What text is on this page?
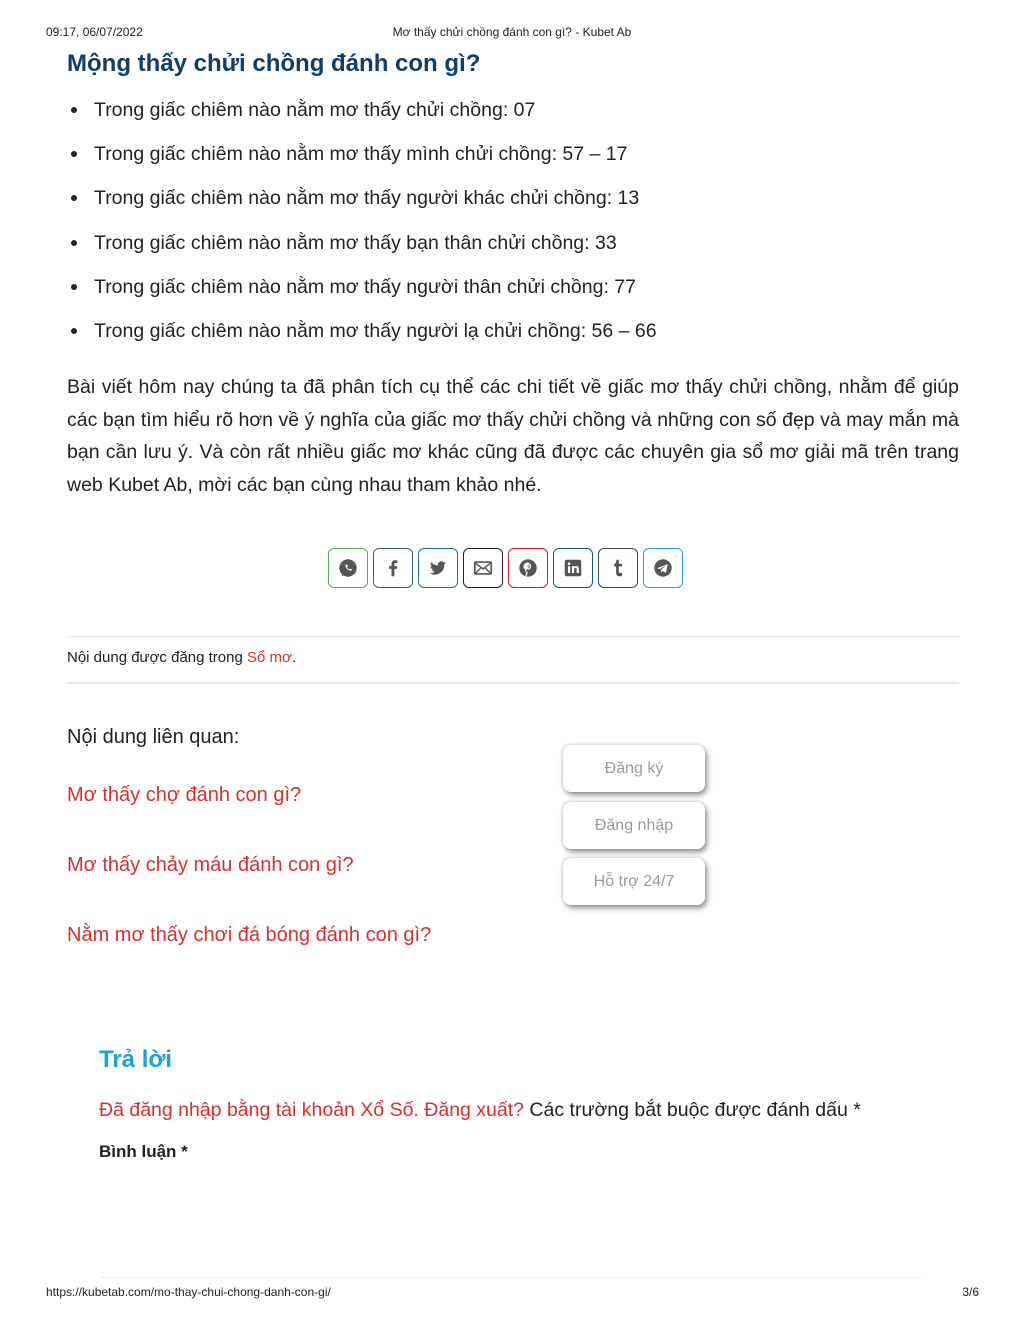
09:17, 06/07/2022	Mơ thấy chửi chồng đánh con gì? - Kubet Ab
Mộng thấy chửi chồng đánh con gì?
Trong giấc chiêm nào nằm mơ thấy chửi chồng: 07
Trong giấc chiêm nào nằm mơ thấy mình chửi chồng: 57 – 17
Trong giấc chiêm nào nằm mơ thấy người khác chửi chồng: 13
Trong giấc chiêm nào nằm mơ thấy bạn thân chửi chồng: 33
Trong giấc chiêm nào nằm mơ thấy người thân chửi chồng: 77
Trong giấc chiêm nào nằm mơ thấy người lạ chửi chồng: 56 – 66

Bài viết hôm nay chúng ta đã phân tích cụ thể các chi tiết về giấc mơ thấy chửi chồng, nhằm để giúp các bạn tìm hiểu rõ hơn về ý nghĩa của giấc mơ thấy chửi chồng và những con số đẹp và may mắn mà bạn cần lưu ý. Và còn rất nhiều giấc mơ khác cũng đã được các chuyên gia sổ mơ giải mã trên trang web Kubet Ab, mời các bạn cùng nhau tham khảo nhé.

Nội dung được đăng trong Sổ mơ.
Nội dung liên quan:
Mơ thấy chợ đánh con gì?
Mơ thấy chảy máu đánh con gì?
Nằm mơ thấy chơi đá bóng đánh con gì?
Đăng ký
Đăng nhập
Hỗ trợ 24/7
Trả lời
Đã đăng nhập bằng tài khoản Xổ Số. Đăng xuất? Các trường bắt buộc được đánh dấu *
Bình luận *
https://kubetab.com/mo-thay-chui-chong-danh-con-gi/	3/6
